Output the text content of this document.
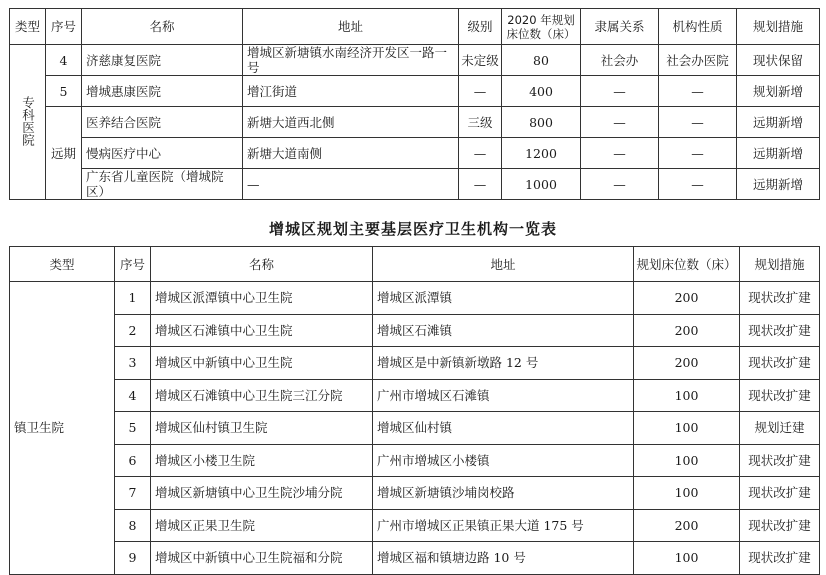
类型	序号	名称	地址	级别	2020 年规划床位数（床）	隶属关系	机构性质	规划措施
专科医院	4	济慈康复医院	增城区新塘镇水南经济开发区一路一号	未定级	80	社会办	社会办医院	现状保留
	5	增城惠康医院	增江街道	—	400	—	—	规划新增
	远期	医养结合医院	新塘大道西北侧	三级	800	—	—	远期新增
		慢病医疗中心	新塘大道南侧	—	1200	—	—	远期新增
		广东省儿童医院（增城院区）	—	—	1000	—	—	远期新增
增城区规划主要基层医疗卫生机构一览表
类型	序号	名称	地址	规划床位数（床）	规划措施
镇卫生院	1	增城区派潭镇中心卫生院	增城区派潭镇	200	现状改扩建
	2	增城区石滩镇中心卫生院	增城区石滩镇	200	现状改扩建
	3	增城区中新镇中心卫生院	增城区是中新镇新墩路 12 号	200	现状改扩建
	4	增城区石滩镇中心卫生院三江分院	广州市增城区石滩镇	100	现状改扩建
	5	增城区仙村镇卫生院	增城区仙村镇	100	规划迁建
	6	增城区小楼卫生院	广州市增城区小楼镇	100	现状改扩建
	7	增城区新塘镇中心卫生院沙埔分院	增城区新塘镇沙埔岗校路	100	现状改扩建
	8	增城区正果卫生院	广州市增城区正果镇正果大道 175 号	200	现状改扩建
	9	增城区中新镇中心卫生院福和分院	增城区福和镇塘边路 10 号	100	现状改扩建
